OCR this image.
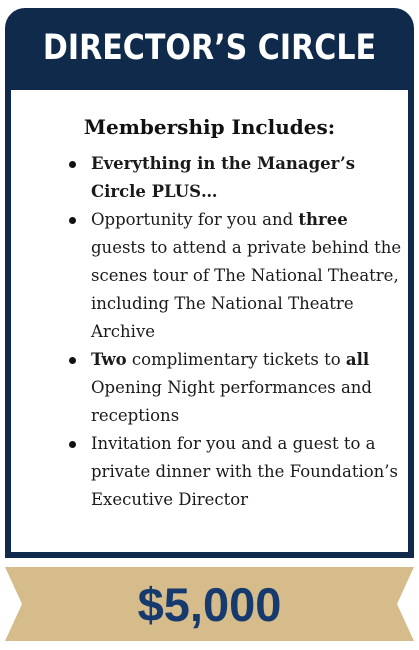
DIRECTOR’S CIRCLE
Membership Includes:
Everything in the Manager’s Circle PLUS…
Opportunity for you and three guests to attend a private behind the scenes tour of The National Theatre, including The National Theatre Archive
Two complimentary tickets to all Opening Night performances and receptions
Invitation for you and a guest to a private dinner with the Foundation’s Executive Director
$5,000
